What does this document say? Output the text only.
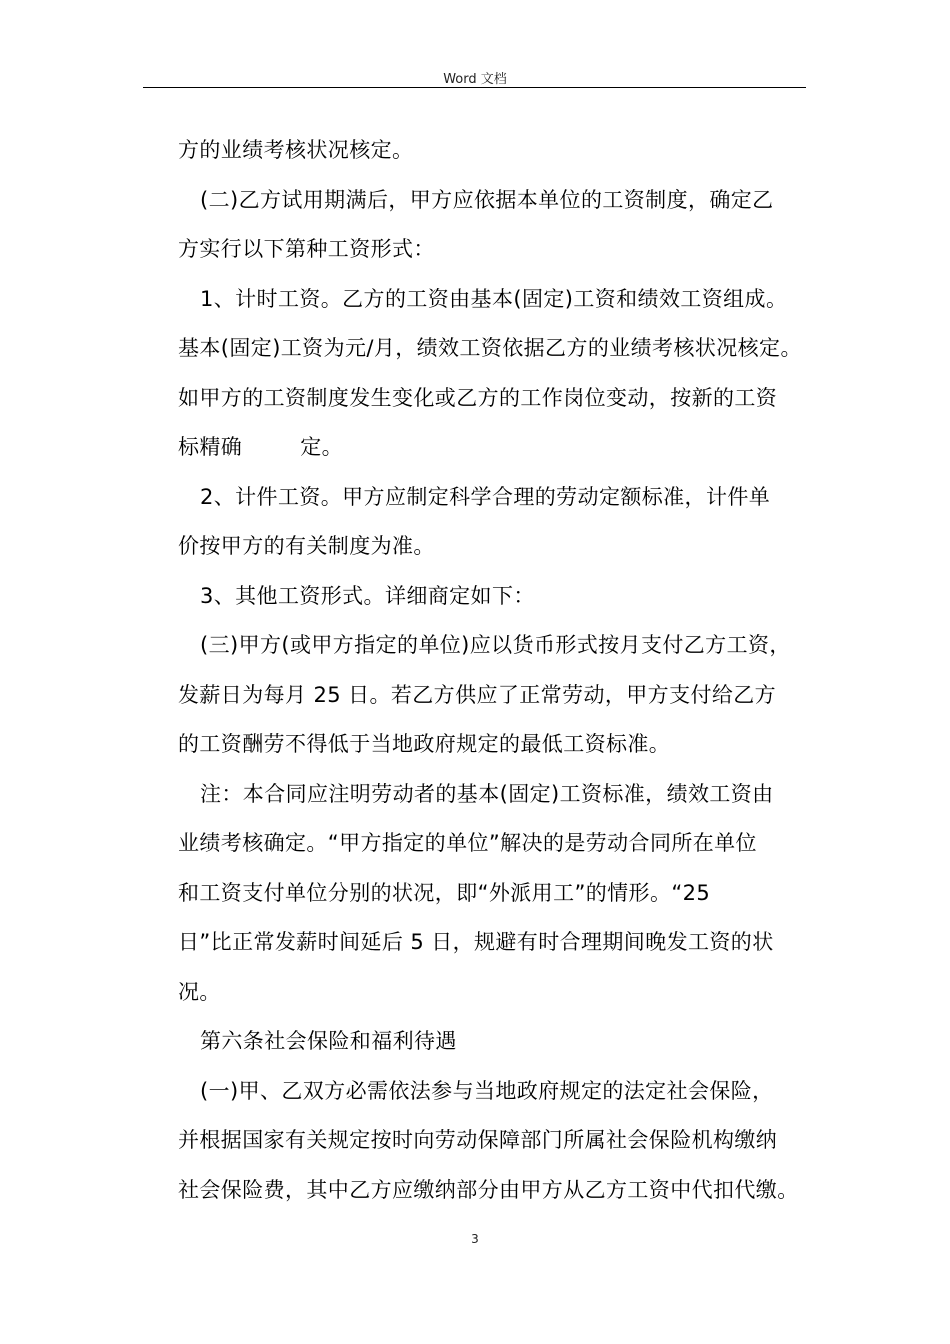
Word 文档
方的业绩考核状况核定。
(二)乙方试用期满后，甲方应依据本单位的工资制度，确定乙
方实行以下第种工资形式：
1、计时工资。乙方的工资由基本(固定)工资和绩效工资组成。
基本(固定)工资为元/月，绩效工资依据乙方的业绩考核状况核定。
如甲方的工资制度发生变化或乙方的工作岗位变动，按新的工资
标精确	定。
2、计件工资。甲方应制定科学合理的劳动定额标准，计件单
价按甲方的有关制度为准。
3、其他工资形式。详细商定如下：
(三)甲方(或甲方指定的单位)应以货币形式按月支付乙方工资，
发薪日为每月 25 日。若乙方供应了正常劳动，甲方支付给乙方
的工资酬劳不得低于当地政府规定的最低工资标准。
注：本合同应注明劳动者的基本(固定)工资标准，绩效工资由
业绩考核确定。“甲方指定的单位”解决的是劳动合同所在单位
和工资支付单位分别的状况，即“外派用工”的情形。“25
日”比正常发薪时间延后 5 日，规避有时合理期间晚发工资的状
况。
第六条社会保险和福利待遇
(一)甲、乙双方必需依法参与当地政府规定的法定社会保险，
并根据国家有关规定按时向劳动保障部门所属社会保险机构缴纳
社会保险费，其中乙方应缴纳部分由甲方从乙方工资中代扣代缴。
3
